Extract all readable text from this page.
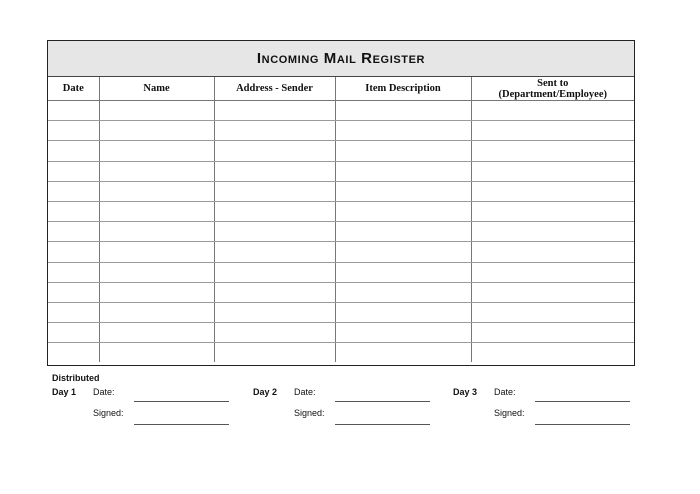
Incoming Mail Register
Date	Name	Address - Sender	Item Description	Sent to
(Department/Employee)

Distributed
Day 1 Date:
Signed:
Day 2 Date:
Signed:
Day 3 Date:
Signed:
